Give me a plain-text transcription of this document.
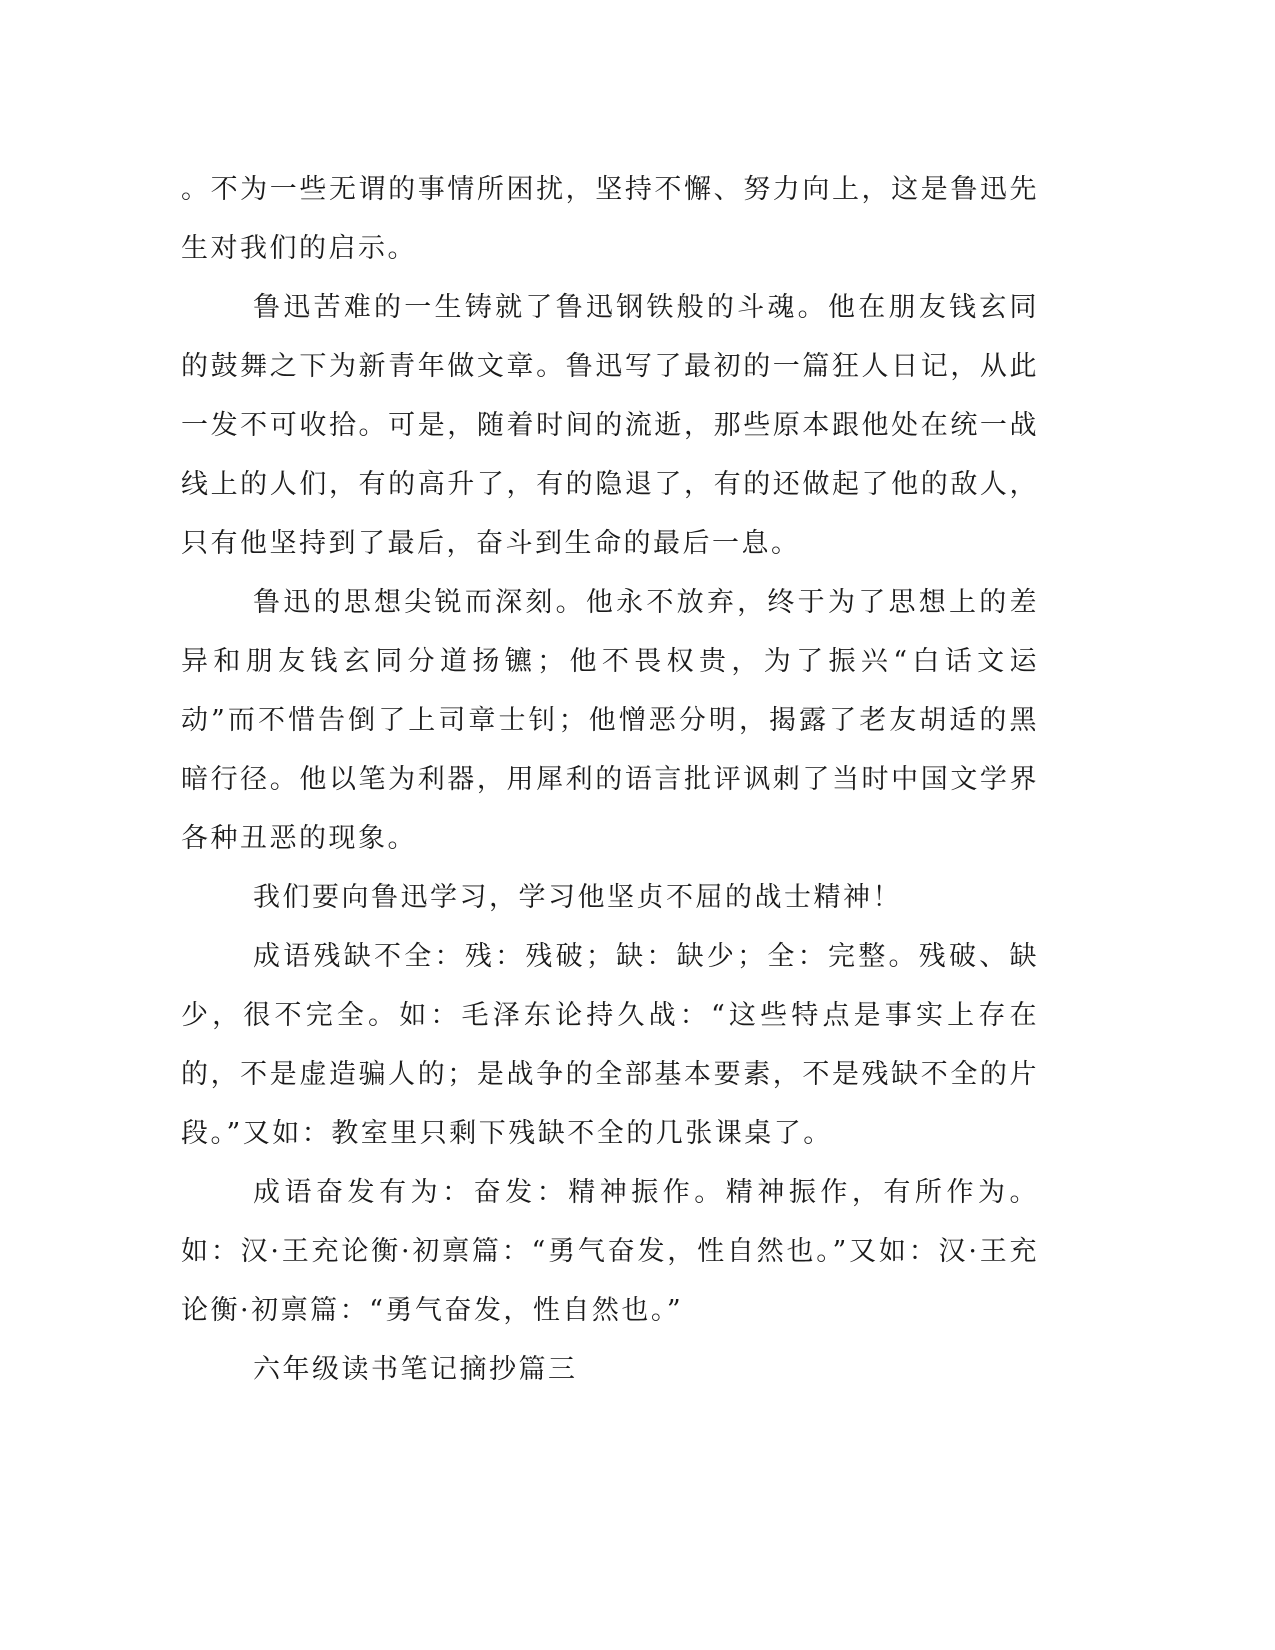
。不为一些无谓的事情所困扰，坚持不懈、努力向上，这是鲁迅先生对我们的启示。

鲁迅苦难的一生铸就了鲁迅钢铁般的斗魂。他在朋友钱玄同的鼓舞之下为新青年做文章。鲁迅写了最初的一篇狂人日记，从此一发不可收拾。可是，随着时间的流逝，那些原本跟他处在统一战线上的人们，有的高升了，有的隐退了，有的还做起了他的敌人，只有他坚持到了最后，奋斗到生命的最后一息。

鲁迅的思想尖锐而深刻。他永不放弃，终于为了思想上的差异和朋友钱玄同分道扬镳；他不畏权贵，为了振兴“白话文运动”而不惜告倒了上司章士钊；他憎恶分明，揭露了老友胡适的黑暗行径。他以笔为利器，用犀利的语言批评讽刺了当时中国文学界各种丑恶的现象。

我们要向鲁迅学习，学习他坚贞不屈的战士精神！

成语残缺不全：残：残破；缺：缺少；全：完整。残破、缺少，很不完全。如：毛泽东论持久战：“这些特点是事实上存在的，不是虚造骗人的；是战争的全部基本要素，不是残缺不全的片段。”又如：教室里只剩下残缺不全的几张课桌了。

成语奋发有为：奋发：精神振作。精神振作，有所作为。如：汉·王充论衡·初禀篇：“勇气奋发，性自然也。”又如：汉·王充论衡·初禀篇：“勇气奋发，性自然也。”

六年级读书笔记摘抄篇三
